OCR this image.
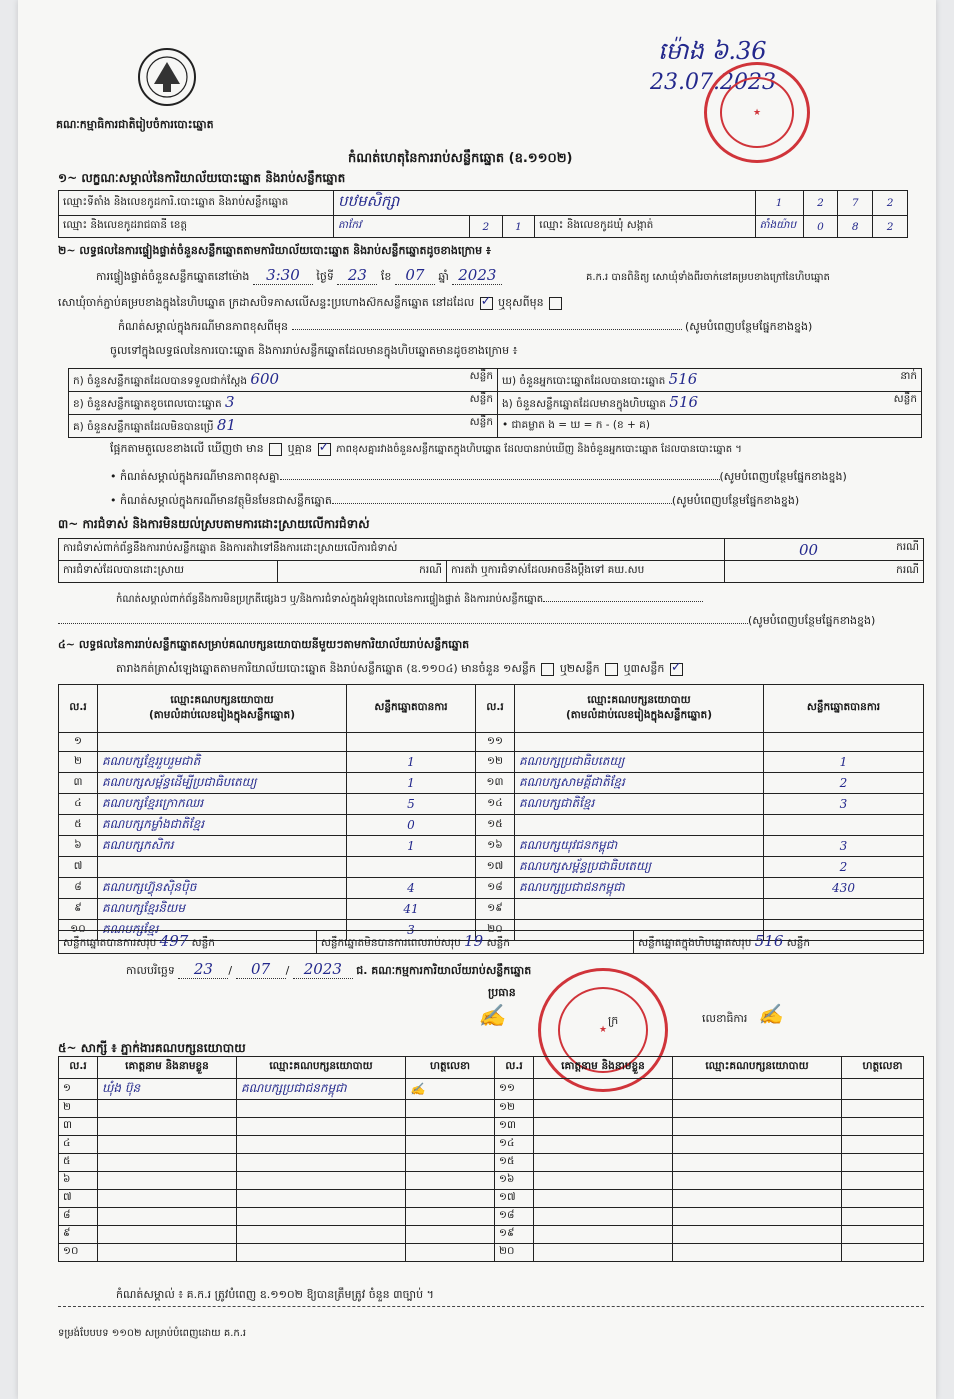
គណៈកម្មាធិការជាតិរៀបចំការបោះឆ្នោត
ម៉ោង ៦.36
23.07.2023
★
កំណត់ហេតុនៃការរាប់សន្លឹកឆ្នោត (ឧ.១១០២)
១~ លក្ខណៈសម្គាល់នៃការិយាល័យបោះឆ្នោត និងរាប់សន្លឹកឆ្នោត
ឈ្មោះទីតាំង និងលេខកូដការិ.បោះឆ្នោត និងរាប់សន្លឹកឆ្នោត	បឋមសិក្សា				1	2	7	2
ឈ្មោះ និងលេខកូដរាជធានី ខេត្ត	តាកែវ	2	1	ឈ្មោះ និងលេខកូដឃុំ សង្កាត់	តាំងយ៉ាប	0	8	2
២~ លទ្ធផលនៃការផ្ទៀងផ្ទាត់ចំនួនសន្លឹកឆ្នោតតាមការិយាល័យបោះឆ្នោត និងរាប់សន្លឹកឆ្នោតដូចខាងក្រោម ៖
ការផ្ទៀងផ្ទាត់ចំនួនសន្លឹកឆ្នោតនៅម៉ោង 3:30 ថ្ងៃទី 23 ខែ 07 ឆ្នាំ 2023	គ.ក.រ បានពិនិត្យ សោឃុំទាំងពីរចាក់នៅគម្របខាងក្រៅនៃហិបឆ្នោត
សោឃុំចាក់ភ្ជាប់គម្របខាងក្នុងនៃហិបឆ្នោត ក្រដាសបិទភាសលើសន្ទះប្រហោងស៊កសន្លឹកឆ្នោត នៅដដែល ✓ ឬខុសពីមុន
កំណត់សម្គាល់ក្នុងករណីមានភាពខុសពីមុន	(សូមបំពេញបន្ថែមផ្នែកខាងខ្នង)
ចូលទៅក្នុងលទ្ធផលនៃការបោះឆ្នោត និងការរាប់សន្លឹកឆ្នោតដែលមានក្នុងហិបឆ្នោតមានដូចខាងក្រោម ៖
ក) ចំនួនសន្លឹកឆ្នោតដែលបានទទួលជាក់ស្តែង 600 សន្លឹក	ឃ) ចំនួនអ្នកបោះឆ្នោតដែលបានបោះឆ្នោត 516 នាក់

ខ) ចំនួនសន្លឹកឆ្នោតខូចពេលបោះឆ្នោត 3 សន្លឹក	ង) ចំនួនសន្លឹកឆ្នោតដែលមានក្នុងហិបឆ្នោត 516 សន្លឹក

គ) ចំនួនសន្លឹកឆ្នោតដែលមិនបានប្រើ 81 សន្លឹក	• ជាគម្លាត ង = ឃ = ក - (ខ + គ)
ផ្អែកតាមតួលេខខាងលើ ឃើញថា មាន ឬគ្មាន ✓ ភាពខុសគ្នារវាងចំនួនសន្លឹកឆ្នោតក្នុងហិបឆ្នោត ដែលបានរាប់ឃើញ និងចំនួនអ្នកបោះឆ្នោត ដែលបានបោះឆ្នោត ។
• កំណត់សម្គាល់ក្នុងករណីមានភាពខុសគ្នា	(សូមបំពេញបន្ថែមផ្នែកខាងខ្នង)
• កំណត់សម្គាល់ក្នុងករណីមានវត្ថុមិនមែនជាសន្លឹកឆ្នោត	(សូមបំពេញបន្ថែមផ្នែកខាងខ្នង)
៣~ ការជំទាស់ និងការមិនយល់ស្របតាមការដោះស្រាយលើការជំទាស់
ការជំទាស់ពាក់ព័ន្ធនឹងការរាប់សន្លឹកឆ្នោត និងការតវ៉ាទៅនឹងការដោះស្រាយលើការជំទាស់			00 ករណី

ការជំទាស់ដែលបានដោះស្រាយ	ករណី	ការតវ៉ា ឬការជំទាស់ដែលអាចនឹងប្ដឹងទៅ គឃ.សប	ករណី
កំណត់សម្គាល់ពាក់ព័ន្ធនឹងការមិនប្រក្រតីផ្សេងៗ ឬ/និងការជំទាស់ក្នុងអំឡុងពេលនៃការផ្ទៀងផ្ទាត់ និងការរាប់សន្លឹកឆ្នោត
(សូមបំពេញបន្ថែមផ្នែកខាងខ្នង)
៤~ លទ្ធផលនៃការរាប់សន្លឹកឆ្នោតសម្រាប់គណបក្សនយោបាយនីមួយៗតាមការិយាល័យរាប់សន្លឹកឆ្នោត
តារាងកត់ត្រាសំឡេងឆ្នោតតាមការិយាល័យបោះឆ្នោត និងរាប់សន្លឹកឆ្នោត (ឧ.១១០៤) មានចំនួន ១សន្លឹក ឬ២សន្លឹក ឬ៣សន្លឹក ✓
ល.រ	ឈ្មោះគណបក្សនយោបាយ
(តាមលំដាប់លេខរៀងក្នុងសន្លឹកឆ្នោត)	សន្លឹកឆ្នោតបានការ	ល.រ	ឈ្មោះគណបក្សនយោបាយ
(តាមលំដាប់លេខរៀងក្នុងសន្លឹកឆ្នោត)	សន្លឹកឆ្នោតបានការ
១			១១		
២	គណបក្សខ្មែររួបរួមជាតិ	1	១២	គណបក្សប្រជាធិបតេយ្យ	1
៣	គណបក្សសម្ព័ន្ធដើម្បីប្រជាធិបតេយ្យ	1	១៣	គណបក្សសាមគ្គីជាតិខ្មែរ	2
៤	គណបក្សខ្មែរក្រោកឈរ	5	១៤	គណបក្សជាតិខ្មែរ	3
៥	គណបក្សកម្លាំងជាតិខ្មែរ	0	១៥		
៦	គណបក្សកសិករ	1	១៦	គណបក្សយុវជនកម្ពុជា	3
៧			១៧	គណបក្សសម្ព័ន្ធប្រជាធិបតេយ្យ	2
៨	គណបក្សហ៊្វុនស៊ិនប៉ិច	4	១៨	គណបក្សប្រជាជនកម្ពុជា	430
៩	គណបក្សខ្មែរនិយម	41	១៩		
១០	គណបក្សខ្មែរ	3	២០		
សន្លឹកឆ្នោតបានការសរុប 497 សន្លឹក	សន្លឹកឆ្នោតមិនបានការពេលរាប់សរុប 19 សន្លឹក	សន្លឹកឆ្នោតក្នុងហិបឆ្នោតសរុប 516 សន្លឹក
កាលបរិច្ឆេទ 23 / 07 / 2023 ជ. គណៈកម្មការការិយាល័យរាប់សន្លឹកឆ្នោត
ប្រធាន
✍	ក្រ
★
លេខាធិការ ✍
៥~ សាក្សី ៖ ភ្នាក់ងារគណបក្សនយោបាយ
ល.រ	គោត្តនាម និងនាមខ្លួន	ឈ្មោះគណបក្សនយោបាយ	ហត្ថលេខា	ល.រ	គោត្តនាម និងនាមខ្លួន	ឈ្មោះគណបក្សនយោបាយ	ហត្ថលេខា
១	ឃុំង ប៊ុន	គណបក្សប្រជាជនកម្ពុជា	✍	១១			
២				១២			
៣				១៣			
៤				១៤			
៥				១៥			
៦				១៦			
៧				១៧			
៨				១៨			
៩				១៩			
១០				២០			
កំណត់សម្គាល់ ៖ គ.ក.រ ត្រូវបំពេញ ឧ.១១០២ ឱ្យបានត្រឹមត្រូវ ចំនួន ៣ច្បាប់ ។
ទម្រង់បែបបទ ១១០២ សម្រាប់បំពេញដោយ គ.ក.រ
